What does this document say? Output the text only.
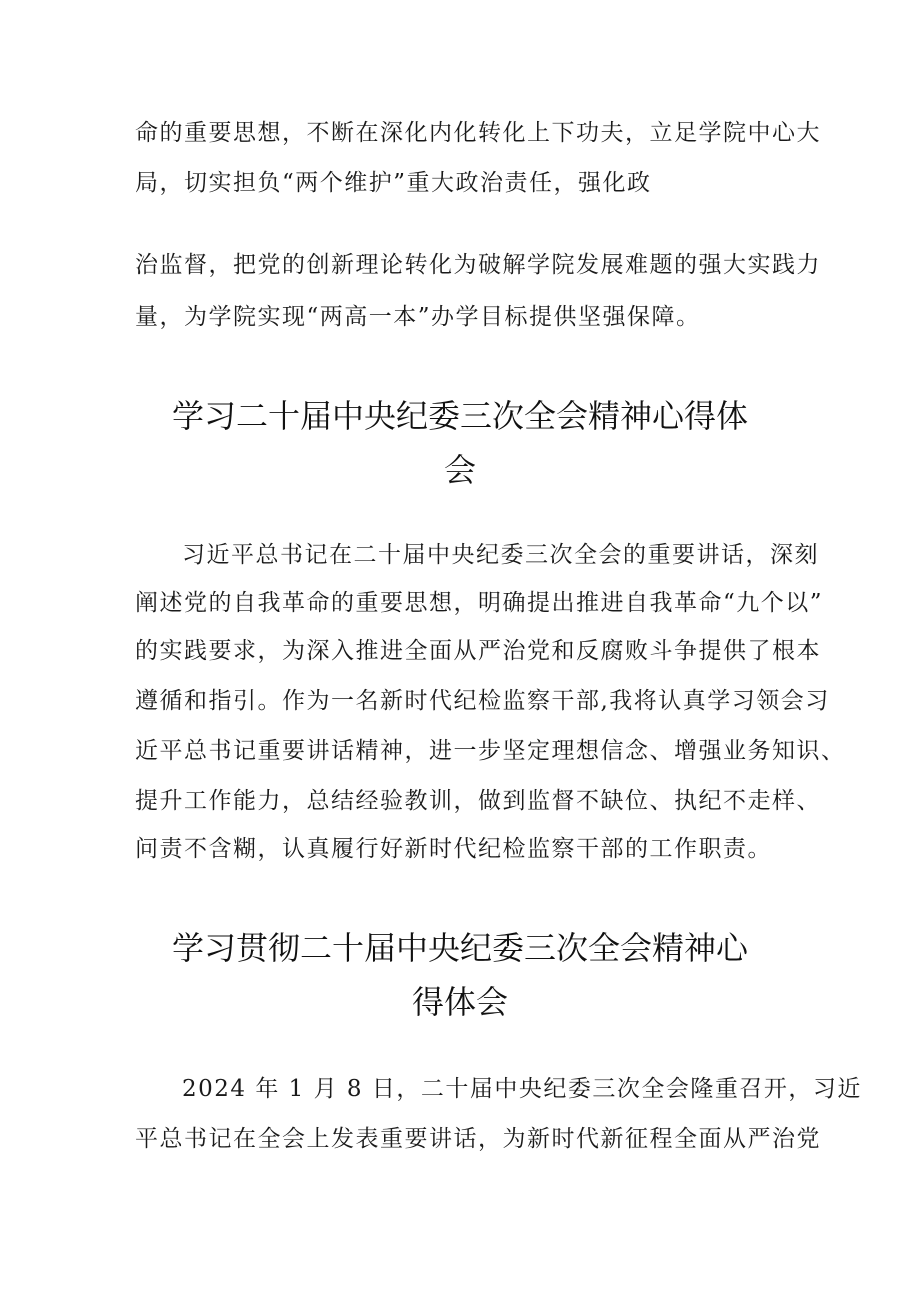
命的重要思想，不断在深化内化转化上下功夫，立足学院中心大
局，切实担负“两个维护”重大政治责任，强化政
治监督，把党的创新理论转化为破解学院发展难题的强大实践力
量，为学院实现“两高一本”办学目标提供坚强保障。
学习二十届中央纪委三次全会精神心得体
会
习近平总书记在二十届中央纪委三次全会的重要讲话，深刻
阐述党的自我革命的重要思想，明确提出推进自我革命“九个以”
的实践要求，为深入推进全面从严治党和反腐败斗争提供了根本
遵循和指引。作为一名新时代纪检监察干部,我将认真学习领会习
近平总书记重要讲话精神，进一步坚定理想信念、增强业务知识、
提升工作能力，总结经验教训，做到监督不缺位、执纪不走样、
问责不含糊，认真履行好新时代纪检监察干部的工作职责。
学习贯彻二十届中央纪委三次全会精神心
得体会
2024 年 1 月 8 日，二十届中央纪委三次全会隆重召开，习近
平总书记在全会上发表重要讲话，为新时代新征程全面从严治党
